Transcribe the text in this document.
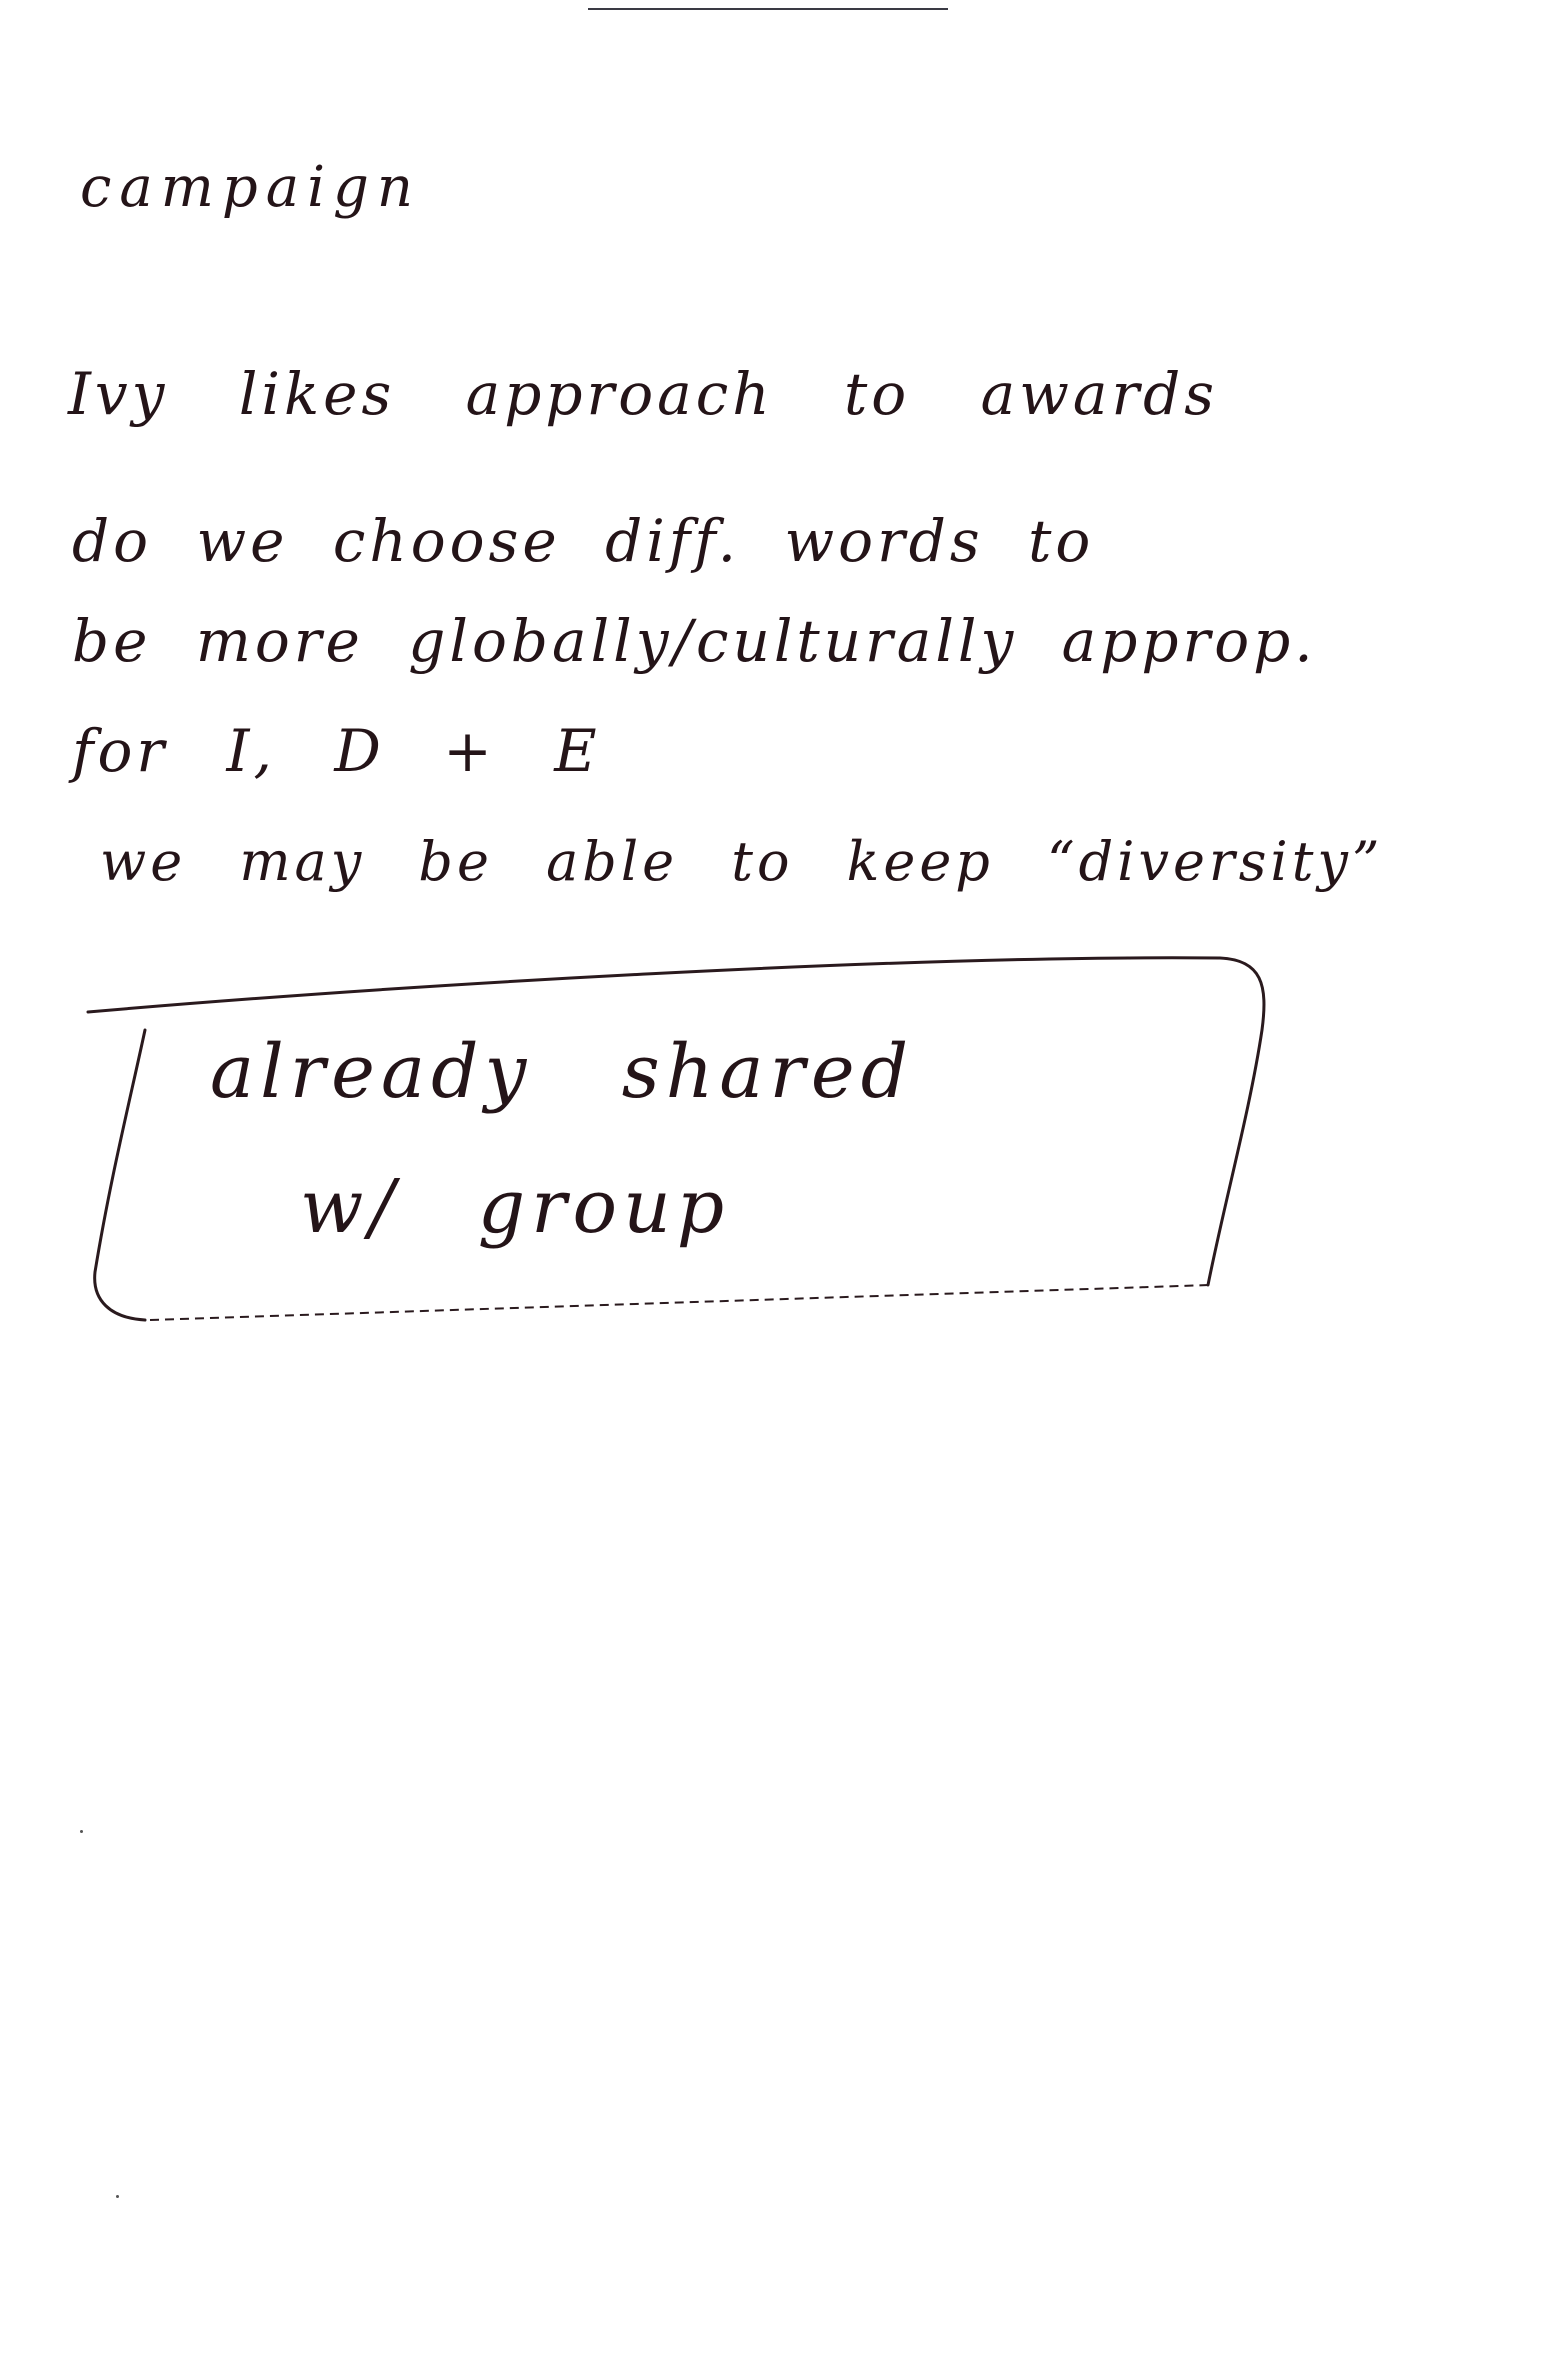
campaign
Ivy likes approach to awards
do we choose diff. words to
be more globally/culturally approp.
for I, D + E
we may be able to keep “diversity”
already shared
w/ group
